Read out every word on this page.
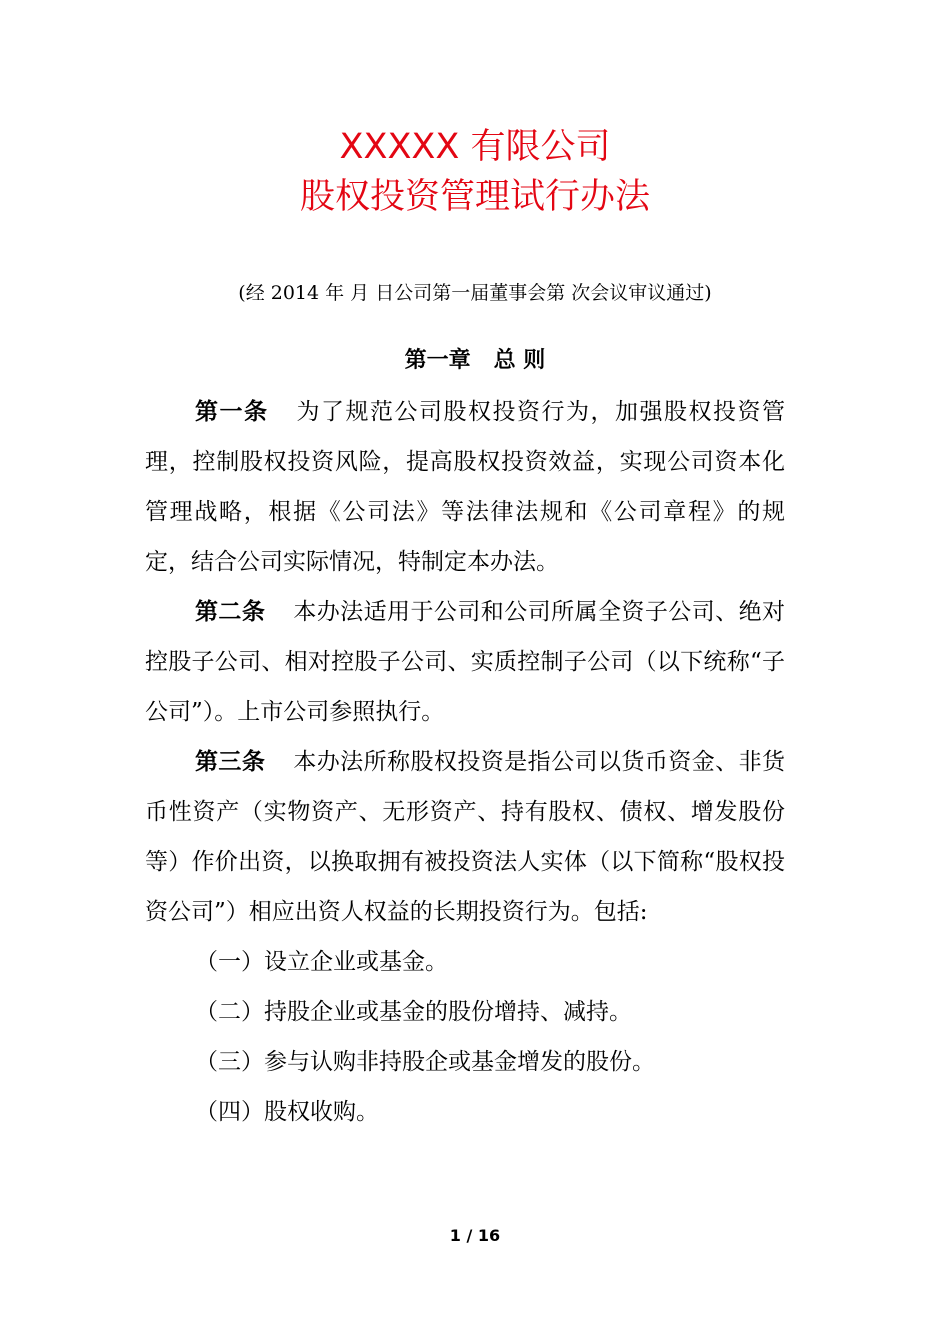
XXXXX 有限公司
股权投资管理试行办法
(经 2014 年 月 日公司第一届董事会第 次会议审议通过)
第一章   总 则

第一条 为了规范公司股权投资行为，加强股权投资管理，控制股权投资风险，提高股权投资效益，实现公司资本化管理战略，根据《公司法》等法律法规和《公司章程》的规定，结合公司实际情况，特制定本办法。

第二条 本办法适用于公司和公司所属全资子公司、绝对控股子公司、相对控股子公司、实质控制子公司（以下统称“子公司”）。上市公司参照执行。

第三条 本办法所称股权投资是指公司以货币资金、非货币性资产（实物资产、无形资产、持有股权、债权、增发股份等）作价出资，以换取拥有被投资法人实体（以下简称“股权投资公司”）相应出资人权益的长期投资行为。包括:

（一）设立企业或基金。

（二）持股企业或基金的股份增持、减持。

（三）参与认购非持股企或基金增发的股份。

（四）股权收购。

1 / 16
